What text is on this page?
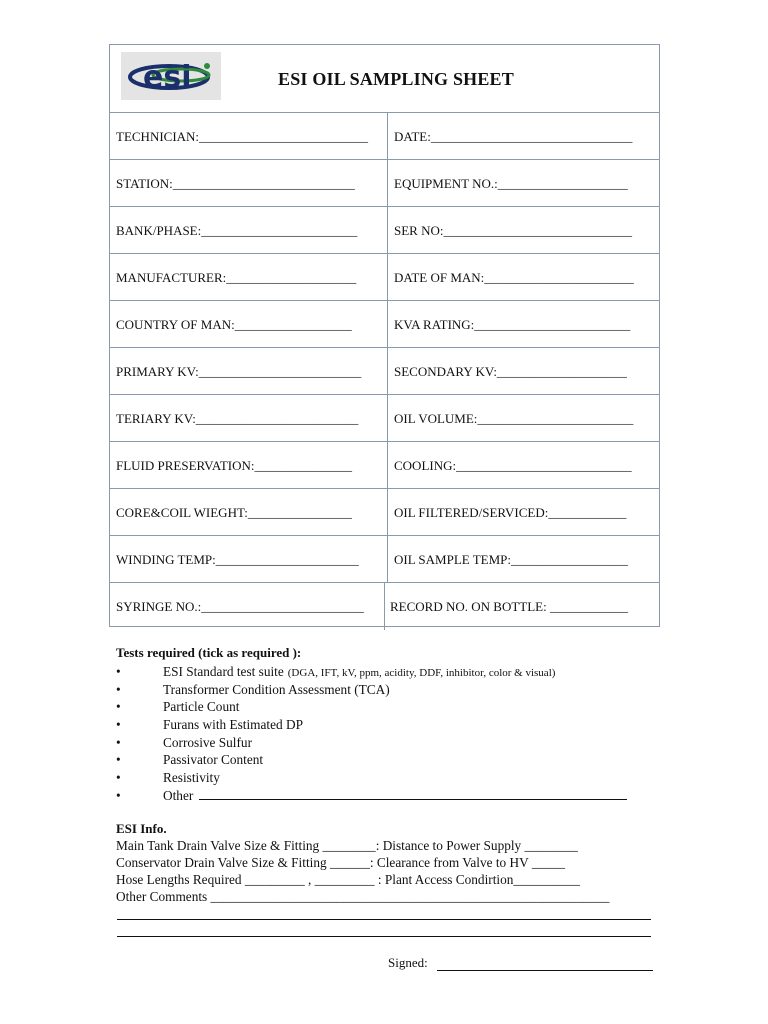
esi	ESI OIL SAMPLING SHEET
TECHNICIAN:__________________________	DATE:_______________________________
STATION:____________________________	EQUIPMENT NO.:____________________
BANK/PHASE:________________________	SER NO:_____________________________
MANUFACTURER:____________________	DATE OF MAN:_______________________
COUNTRY OF MAN:__________________	KVA RATING:________________________
PRIMARY KV:_________________________	SECONDARY KV:____________________
TERIARY KV:_________________________	OIL VOLUME:________________________
FLUID PRESERVATION:_______________	COOLING:___________________________
CORE&COIL WIEGHT:________________	OIL FILTERED/SERVICED:____________
WINDING TEMP:______________________	OIL SAMPLE TEMP:__________________
SYRINGE NO.:_________________________	RECORD NO. ON BOTTLE: ____________
Tests required (tick as required ):
•	ESI Standard test suite (DGA, IFT, kV, ppm, acidity, DDF, inhibitor, color & visual)
•	Transformer Condition Assessment (TCA)
•	Particle Count
•	Furans with Estimated DP
•	Corrosive Sulfur
•	Passivator Content
•	Resistivity
•	Other
ESI Info.
Main Tank Drain Valve Size & Fitting ________: Distance to Power Supply ________
Conservator Drain Valve Size & Fitting ______: Clearance from Valve to HV _____
Hose Lengths Required _________ , _________ : Plant Access Condirtion__________
Other Comments ____________________________________________________________
Signed:
